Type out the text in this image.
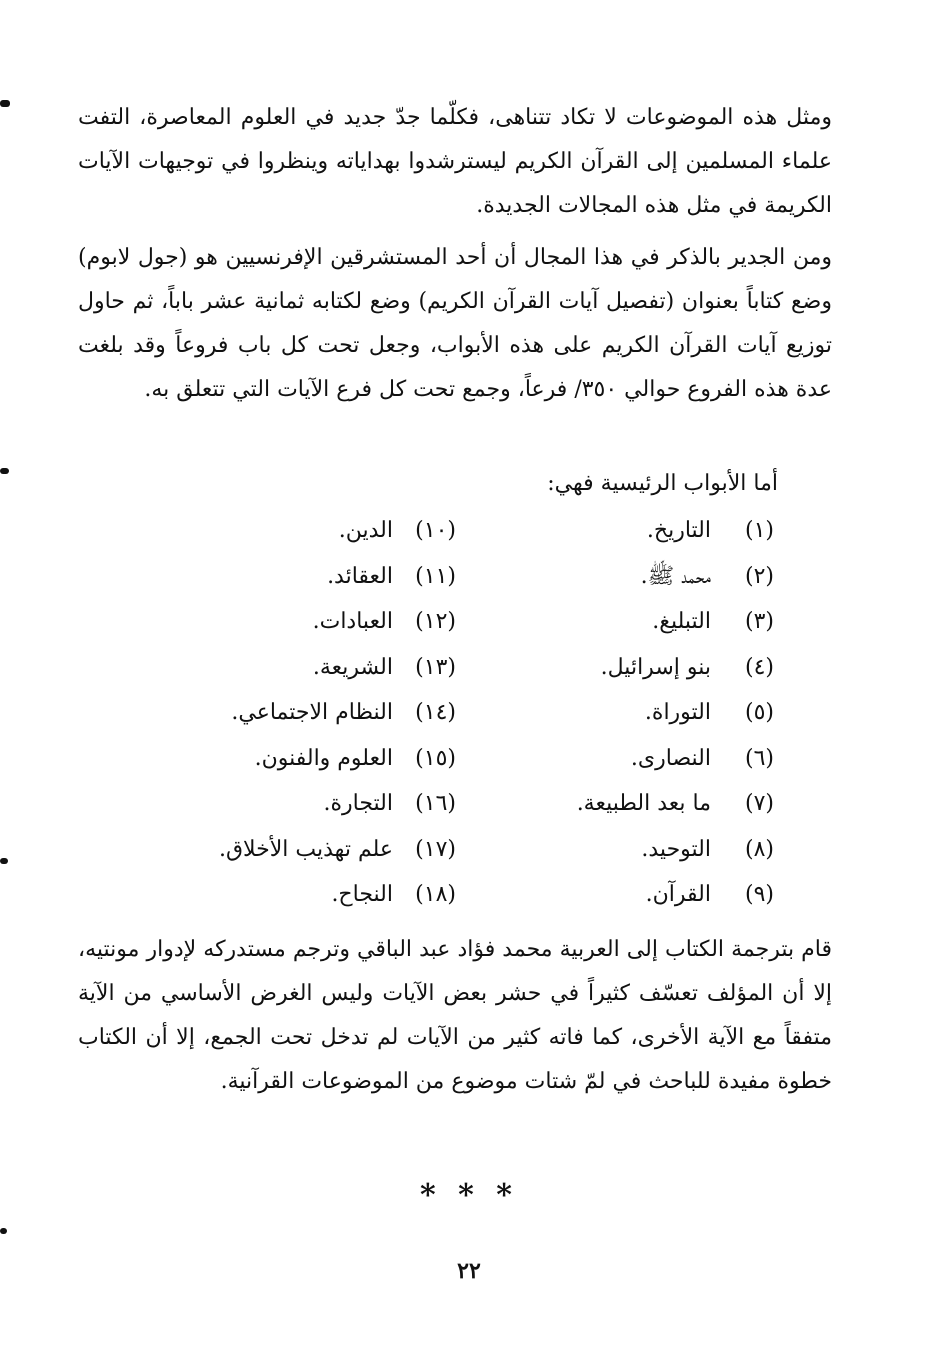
ومثل هذه الموضوعات لا تكاد تتناهى، فكلّما جدّ جديد في العلوم المعاصرة، التفت علماء المسلمين إلى القرآن الكريم ليسترشدوا بهداياته وينظروا في توجيهات الآيات الكريمة في مثل هذه المجالات الجديدة.

ومن الجدير بالذكر في هذا المجال أن أحد المستشرقين الإفرنسيين هو (جول لابوم) وضع كتاباً بعنوان (تفصيل آيات القرآن الكريم) وضع لكتابه ثمانية عشر باباً، ثم حاول توزيع آيات القرآن الكريم على هذه الأبواب، وجعل تحت كل باب فروعاً وقد بلغت عدة هذه الفروع حوالي ٣٥٠/ فرعاً، وجمع تحت كل فرع الآيات التي تتعلق به.

أما الأبواب الرئيسية فهي:

(١) التاريخ.
(٢) محمد ﷺ.
(٣) التبليغ.
(٤) بنو إسرائيل.
(٥) التوراة.
(٦) النصارى.
(٧) ما بعد الطبيعة.
(٨) التوحيد.
(٩) القرآن.
(١٠) الدين.
(١١) العقائد.
(١٢) العبادات.
(١٣) الشريعة.
(١٤) النظام الاجتماعي.
(١٥) العلوم والفنون.
(١٦) التجارة.
(١٧) علم تهذيب الأخلاق.
(١٨) النجاح.

قام بترجمة الكتاب إلى العربية محمد فؤاد عبد الباقي وترجم مستدركه لإدوار مونتيه، إلا أن المؤلف تعسّف كثيراً في حشر بعض الآيات وليس الغرض الأساسي من الآية متفقاً مع الآية الأخرى، كما فاته كثير من الآيات لم تدخل تحت الجمع، إلا أن الكتاب خطوة مفيدة للباحث في لمّ شتات موضوع من الموضوعات القرآنية.

* * *
٢٢
